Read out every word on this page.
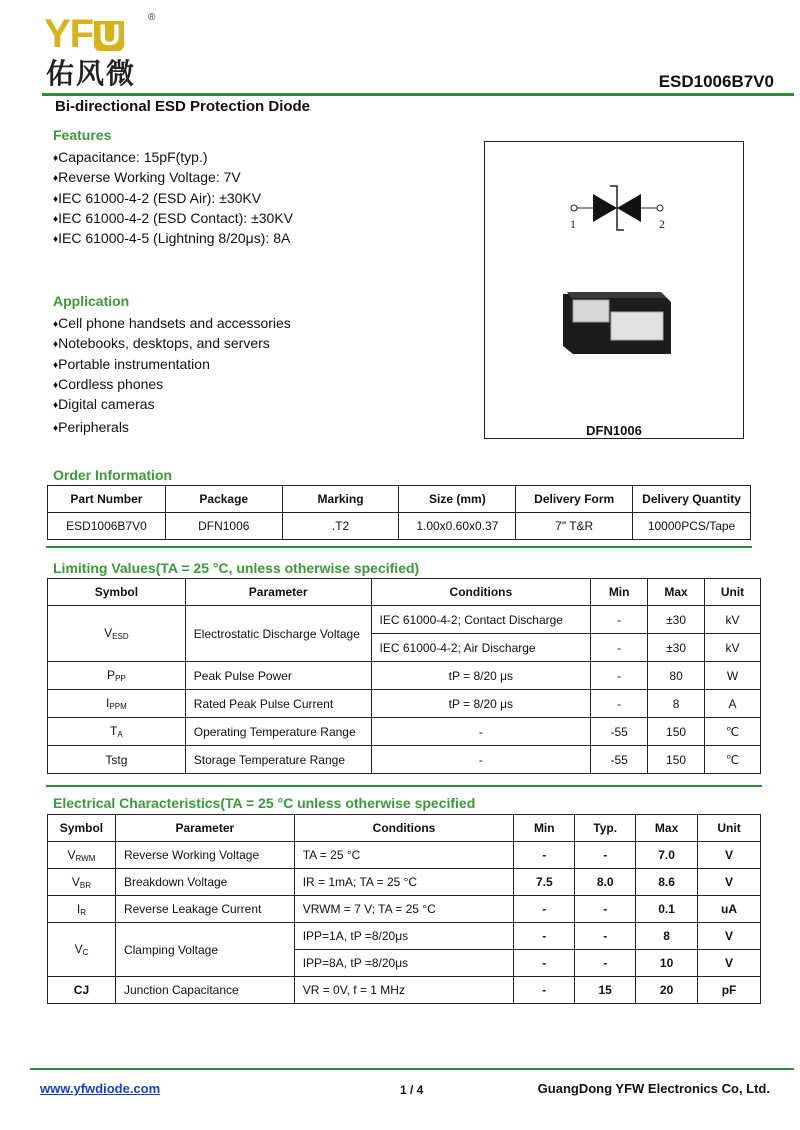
YF U
®
佑风微	ESD1006B7V0
Bi-directional ESD Protection Diode
Features
♦Capacitance: 15pF(typ.)
♦Reverse Working Voltage: 7V
♦IEC 61000-4-2 (ESD Air): ±30KV
♦IEC 61000-4-2 (ESD Contact): ±30KV
♦IEC 61000-4-5 (Lightning 8/20μs): 8A
Application
♦Cell phone handsets and accessories
♦Notebooks, desktops, and servers
♦Portable instrumentation
♦Cordless phones
♦Digital cameras
♦Peripherals
1	2
DFN1006
Order Information
Part Number	Package	Marking	Size (mm)	Delivery Form	Delivery Quantity
ESD1006B7V0	DFN1006	.T2	1.00x0.60x0.37	7" T&R	10000PCS/Tape
Limiting Values(TA = 25 °C, unless otherwise specified)
Symbol	Parameter	Conditions	Min	Max	Unit
$V_{ESD}$	Electrostatic Discharge Voltage	IEC 61000-4-2; Contact Discharge	-	±30	kV
		IEC 61000-4-2; Air Discharge	-	±30	kV
$P_{PP}$	Peak Pulse Power	tP = 8/20 μs	-	80	W
$I_{PPM}$	Rated Peak Pulse Current	tP = 8/20 μs	-	8	A
$T_A$	Operating Temperature Range	-	-55	150	℃
Tstg	Storage Temperature Range	-	-55	150	℃
Electrical Characteristics(TA = 25 °C unless otherwise specified
Symbol	Parameter	Conditions	Min	Typ.	Max	Unit
$V_{RWM}$	Reverse Working Voltage	TA = 25 °C	-	-	7.0	V
$V_{BR}$	Breakdown Voltage	IR = 1mA; TA = 25 °C	7.5	8.0	8.6	V
$I_R$	Reverse Leakage Current	VRWM = 7 V; TA = 25 °C	-	-	0.1	uA
$V_C$	Clamping Voltage	IPP=1A, tP =8/20μs	-	-	8	V
		IPP=8A, tP =8/20μs	-	-	10	V
CJ	Junction Capacitance	VR = 0V, f = 1 MHz	-	15	20	pF
www.yfwdiode.com	1 / 4	GuangDong YFW Electronics Co, Ltd.
